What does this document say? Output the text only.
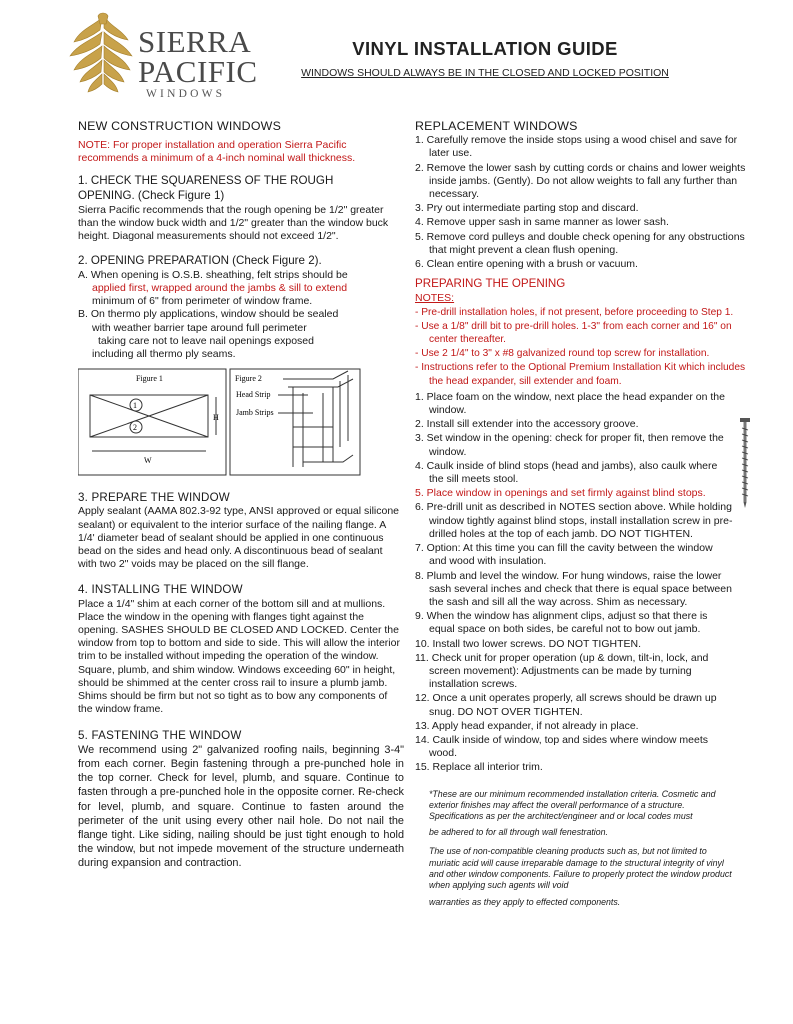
SIERRA
PACIFIC
WINDOWS
VINYL INSTALLATION GUIDE
WINDOWS SHOULD ALWAYS BE IN THE CLOSED AND LOCKED POSITION
NEW CONSTRUCTION WINDOWS

NOTE: For proper installation and operation Sierra Pacific recommends a minimum of a 4-inch nominal wall thickness.

1. CHECK THE SQUARENESS OF THE ROUGH
OPENING. (Check Figure 1)

Sierra Pacific recommends that the rough opening be 1/2" greater than the window buck width and 1/2" greater than the window buck height. Diagonal measurements should not exceed 1/2".

2. OPENING PREPARATION (Check Figure 2).

A. When opening is O.S.B. sheathing, felt strips should be

applied first, wrapped around the jambs & sill to extend

minimum of 6" from perimeter of window frame.

B. On thermo ply applications, window should be sealed

with weather barrier tape around full perimeter

taking care not to leave nail openings exposed

including all thermo ply seams.

Figure 1
1
2
H
W
Figure 2
Head Strip
Jamb Strips
3. PREPARE THE WINDOW

Apply sealant (AAMA 802.3-92 type, ANSI approved or equal silicone sealant) or equivalent to the interior surface of the nailing flange. A 1/4' diameter bead of sealant should be applied in one continuous bead on the sides and head only. A discontinuous bead of sealant with two 2" voids may be placed on the sill flange.

4. INSTALLING THE WINDOW

Place a 1/4" shim at each corner of the bottom sill and at mullions. Place the window in the opening with flanges tight against the opening. SASHES SHOULD BE CLOSED AND LOCKED. Center the window from top to bottom and side to side. This will allow the interior trim to be installed without impeding the operation of the window. Square, plumb, and shim window. Windows exceeding 60" in height, should be shimmed at the center cross rail to insure a plumb jamb. Shims should be firm but not so tight as to bow any components of the window frame.

5. FASTENING THE WINDOW

We recommend using 2" galvanized roofing nails, beginning 3-4" from each corner. Begin fastening through a pre-punched hole in the top corner. Check for level, plumb, and square. Continue to fasten through a pre-punched hole in the opposite corner. Re-check for level, plumb, and square. Continue to fasten around the perimeter of the unit using every other nail hole. Do not nail the flange tight. Like siding, nailing should be just tight enough to hold the window, but not impede movement of the structure underneath during expansion and contraction.

REPLACEMENT WINDOWS
1. Carefully remove the inside stops using a wood chisel and save for later use.
2. Remove the lower sash by cutting cords or chains and lower weights inside jambs. (Gently). Do not allow weights to fall any further than necessary.
3. Pry out intermediate parting stop and discard.
4. Remove upper sash in same manner as lower sash.
5. Remove cord pulleys and double check opening for any obstructions that might prevent a clean flush opening.
6. Clean entire opening with a brush or vacuum.
PREPARING THE OPENING
NOTES:
- Pre-drill installation holes, if not present, before proceeding to Step 1.
- Use a 1/8" drill bit to pre-drill holes. 1-3" from each corner and 16" on center thereafter.
- Use 2 1/4" to 3" x #8 galvanized round top screw for installation.
- Instructions refer to the Optional Premium Installation Kit which includes the head expander, sill extender and foam.
1. Place foam on the window, next place the head expander on the window.
2. Install sill extender into the accessory groove.
3. Set window in the opening: check for proper fit, then remove the window.
4. Caulk inside of blind stops (head and jambs), also caulk where the sill meets stool.
5. Place window in openings and set firmly against blind stops.
6. Pre-drill unit as described in NOTES section above. While holding window tightly against blind stops, install installation screw in pre-drilled holes at the top of each jamb. DO NOT TIGHTEN.
7. Option: At this time you can fill the cavity between the window and wood with insulation.
8. Plumb and level the window. For hung windows, raise the lower sash several inches and check that there is equal space between the sash and sill all the way across. Shim as necessary.
9. When the window has alignment clips, adjust so that there is equal space on both sides, be careful not to bow out jamb.
10. Install two lower screws. DO NOT TIGHTEN.
11. Check unit for proper operation (up & down, tilt-in, lock, and screen movement): Adjustments can be made by turning installation screws.
12. Once a unit operates properly, all screws should be drawn up snug. DO NOT OVER TIGHTEN.
13. Apply head expander, if not already in place.
14. Caulk inside of window, top and sides where window meets wood.
15. Replace all interior trim.

*These are our minimum recommended installation criteria. Cosmetic and exterior finishes may affect the overall performance of a structure. Specifications as per the architect/engineer and or local codes must

be adhered to for all through wall fenestration.

The use of non-compatible cleaning products such as, but not limited to muriatic acid will cause irreparable damage to the structural integrity of vinyl and other window components. Failure to properly protect the window product when applying such agents will void

warranties as they apply to effected components.
